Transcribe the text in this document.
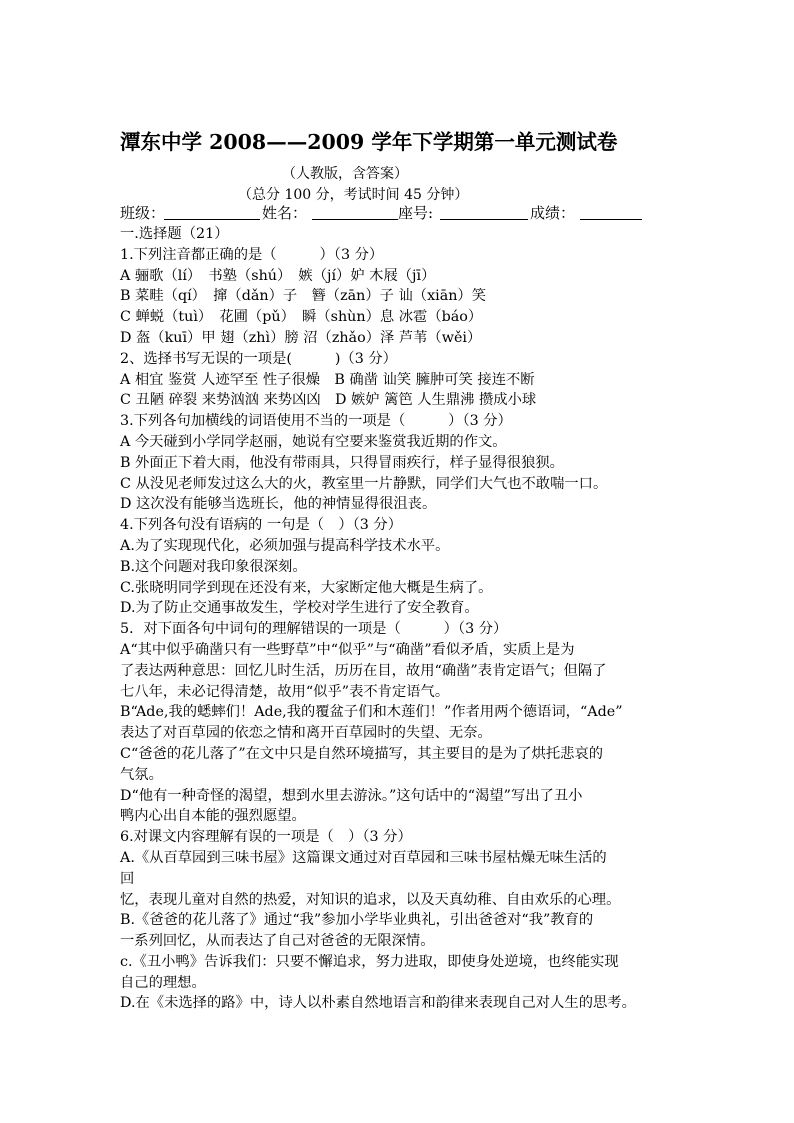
潭东中学 2008——2009 学年下学期第一单元测试卷
（人教版，含答案）
（总分 100 分，考试时间 45 分钟）
班级：	姓名：	座号:	成绩：
一.选择题（21）
1.下列注音都正确的是（　　　）（3 分）
A 骊歌（lí）　书塾（shú）　嫉（jí）妒 木屐（jī）
B 菜畦（qí）　撺（dǎn）子　簪（zān）子 讪（xiān）笑
C 蝉蜕（tuì）　花圃（pǔ）　瞬（shùn）息 冰雹（báo）
D 盔（kuī）甲 翅（zhì）膀 沼（zhǎo）泽 芦苇（wěi）
2、选择书写无误的一项是(　　　)（3 分）
A 相宜 鉴赏 人迹罕至 性子很燥　B 确凿 讪笑 臃肿可笑 接连不断
C 丑陋 碎裂 来势汹汹 来势凶凶　D 嫉妒 篱笆 人生鼎沸 攒成小球
3.下列各句加横线的词语使用不当的一项是（　　　）（3 分）
A 今天碰到小学同学赵丽，她说有空要来鉴赏我近期的作文。
B 外面正下着大雨，他没有带雨具，只得冒雨疾行，样子显得很狼狈。
C 从没见老师发过这么大的火，教室里一片静默，同学们大气也不敢喘一口。
D 这次没有能够当选班长，他的神情显得很沮丧。
4.下列各句没有语病的 一句是（　）（3 分）
A.为了实现现代化，必须加强与提高科学技术水平。
B.这个问题对我印象很深刻。
C.张晓明同学到现在还没有来，大家断定他大概是生病了。
D.为了防止交通事故发生，学校对学生进行了安全教育。
5．对下面各句中词句的理解错误的一项是（　　　）（3 分）
A“其中似乎确凿只有一些野草”中“似乎”与“确凿”看似矛盾，实质上是为
了表达两种意思：回忆儿时生活，历历在目，故用“确凿”表肯定语气；但隔了
七八年，未必记得清楚，故用“似乎”表不肯定语气。
B“Ade,我的蟋蟀们！Ade,我的覆盆子们和木莲们！”作者用两个德语词，“Ade”
表达了对百草园的依恋之情和离开百草园时的失望、无奈。
C“爸爸的花儿落了”在文中只是自然环境描写，其主要目的是为了烘托悲哀的
气氛。
D“他有一种奇怪的渴望，想到水里去游泳。”这句话中的“渴望”写出了丑小
鸭内心出自本能的强烈愿望。
6.对课文内容理解有误的一项是（　）（3 分）
A.《从百草园到三味书屋》这篇课文通过对百草园和三味书屋枯燥无味生活的
回
忆，表现儿童对自然的热爱，对知识的追求，以及天真幼稚、自由欢乐的心理。
B.《爸爸的花儿落了》通过“我”参加小学毕业典礼，引出爸爸对“我”教育的
一系列回忆，从而表达了自己对爸爸的无限深情。
c.《丑小鸭》告诉我们：只要不懈追求，努力进取，即使身处逆境，也终能实现
自己的理想。
D.在《未选择的路》中，诗人以朴素自然地语言和韵律来表现自己对人生的思考。
